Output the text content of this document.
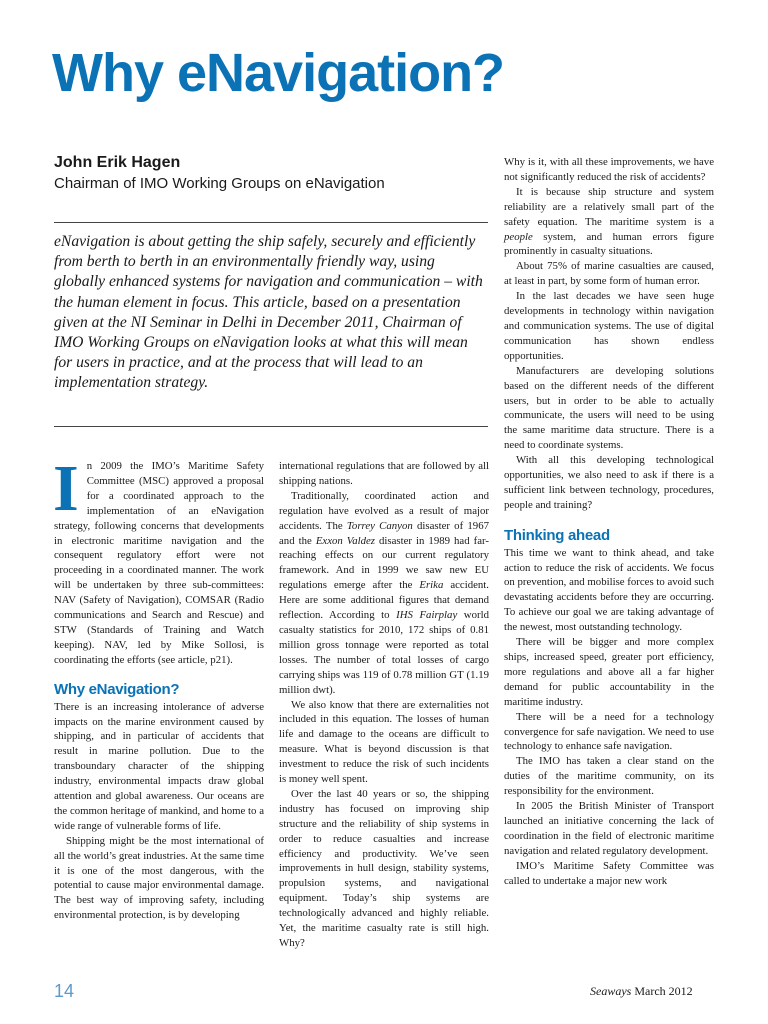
Why eNavigation?
John Erik Hagen
Chairman of IMO Working Groups on eNavigation
eNavigation is about getting the ship safely, securely and efficiently from berth to berth in an environmentally friendly way, using globally enhanced systems for navigation and communication – with the human element in focus. This article, based on a presentation given at the NI Seminar in Delhi in December 2011, Chairman of IMO Working Groups on eNavigation looks at what this will mean for users in practice, and at the process that will lead to an implementation strategy.

In 2009 the IMO’s Maritime Safety Committee (MSC) approved a proposal for a coordinated approach to the implementation of an eNavigation strategy, following concerns that developments in electronic maritime navigation and the consequent regulatory effort were not proceeding in a coordinated manner. The work will be undertaken by three sub-committees: NAV (Safety of Navigation), COMSAR (Radio communications and Search and Rescue) and STW (Standards of Training and Watch keeping). NAV, led by Mike Sollosi, is coordinating the efforts (see article, p21).

Why eNavigation?

There is an increasing intolerance of adverse impacts on the marine environment caused by shipping, and in particular of accidents that result in marine pollution. Due to the transboundary character of the shipping industry, environmental impacts draw global attention and global awareness. Our oceans are the common heritage of mankind, and home to a wide range of vulnerable forms of life.

Shipping might be the most international of all the world’s great industries. At the same time it is one of the most dangerous, with the potential to cause major environmental damage. The best way of improving safety, including environmental protection, is by developing

international regulations that are followed by all shipping nations.

Traditionally, coordinated action and regulation have evolved as a result of major accidents. The Torrey Canyon disaster of 1967 and the Exxon Valdez disaster in 1989 had far-reaching effects on our current regulatory framework. And in 1999 we saw new EU regulations emerge after the Erika accident. Here are some additional figures that demand reflection. According to IHS Fairplay world casualty statistics for 2010, 172 ships of 0.81 million gross tonnage were reported as total losses. The number of total losses of cargo carrying ships was 119 of 0.78 million GT (1.19 million dwt).

We also know that there are externalities not included in this equation. The losses of human life and damage to the oceans are difficult to measure. What is beyond discussion is that investment to reduce the risk of such incidents is money well spent.

Over the last 40 years or so, the shipping industry has focused on improving ship structure and the reliability of ship systems in order to reduce casualties and increase efficiency and productivity. We’ve seen improvements in hull design, stability systems, propulsion systems, and navigational equipment. Today’s ship systems are technologically advanced and highly reliable. Yet, the maritime casualty rate is still high. Why?

Why is it, with all these improvements, we have not significantly reduced the risk of accidents?

It is because ship structure and system reliability are a relatively small part of the safety equation. The maritime system is a people system, and human errors figure prominently in casualty situations.

About 75% of marine casualties are caused, at least in part, by some form of human error.

In the last decades we have seen huge developments in technology within navigation and communication systems. The use of digital communication has shown endless opportunities.

Manufacturers are developing solutions based on the different needs of the different users, but in order to be able to actually communicate, the users will need to be using the same maritime data structure. There is a need to coordinate systems.

With all this developing technological opportunities, we also need to ask if there is a sufficient link between technology, procedures, people and training?

Thinking ahead

This time we want to think ahead, and take action to reduce the risk of accidents. We focus on prevention, and mobilise forces to avoid such devastating accidents before they are occurring. To achieve our goal we are taking advantage of the newest, most outstanding technology.

There will be bigger and more complex ships, increased speed, greater port efficiency, more regulations and above all a far higher demand for public accountability in the maritime industry.

There will be a need for a technology convergence for safe navigation. We need to use technology to enhance safe navigation.

The IMO has taken a clear stand on the duties of the maritime community, on its responsibility for the environment.

In 2005 the British Minister of Transport launched an initiative concerning the lack of coordination in the field of electronic maritime navigation and related regulatory development.

IMO’s Maritime Safety Committee was called to undertake a major new work

14	Seaways March 2012
